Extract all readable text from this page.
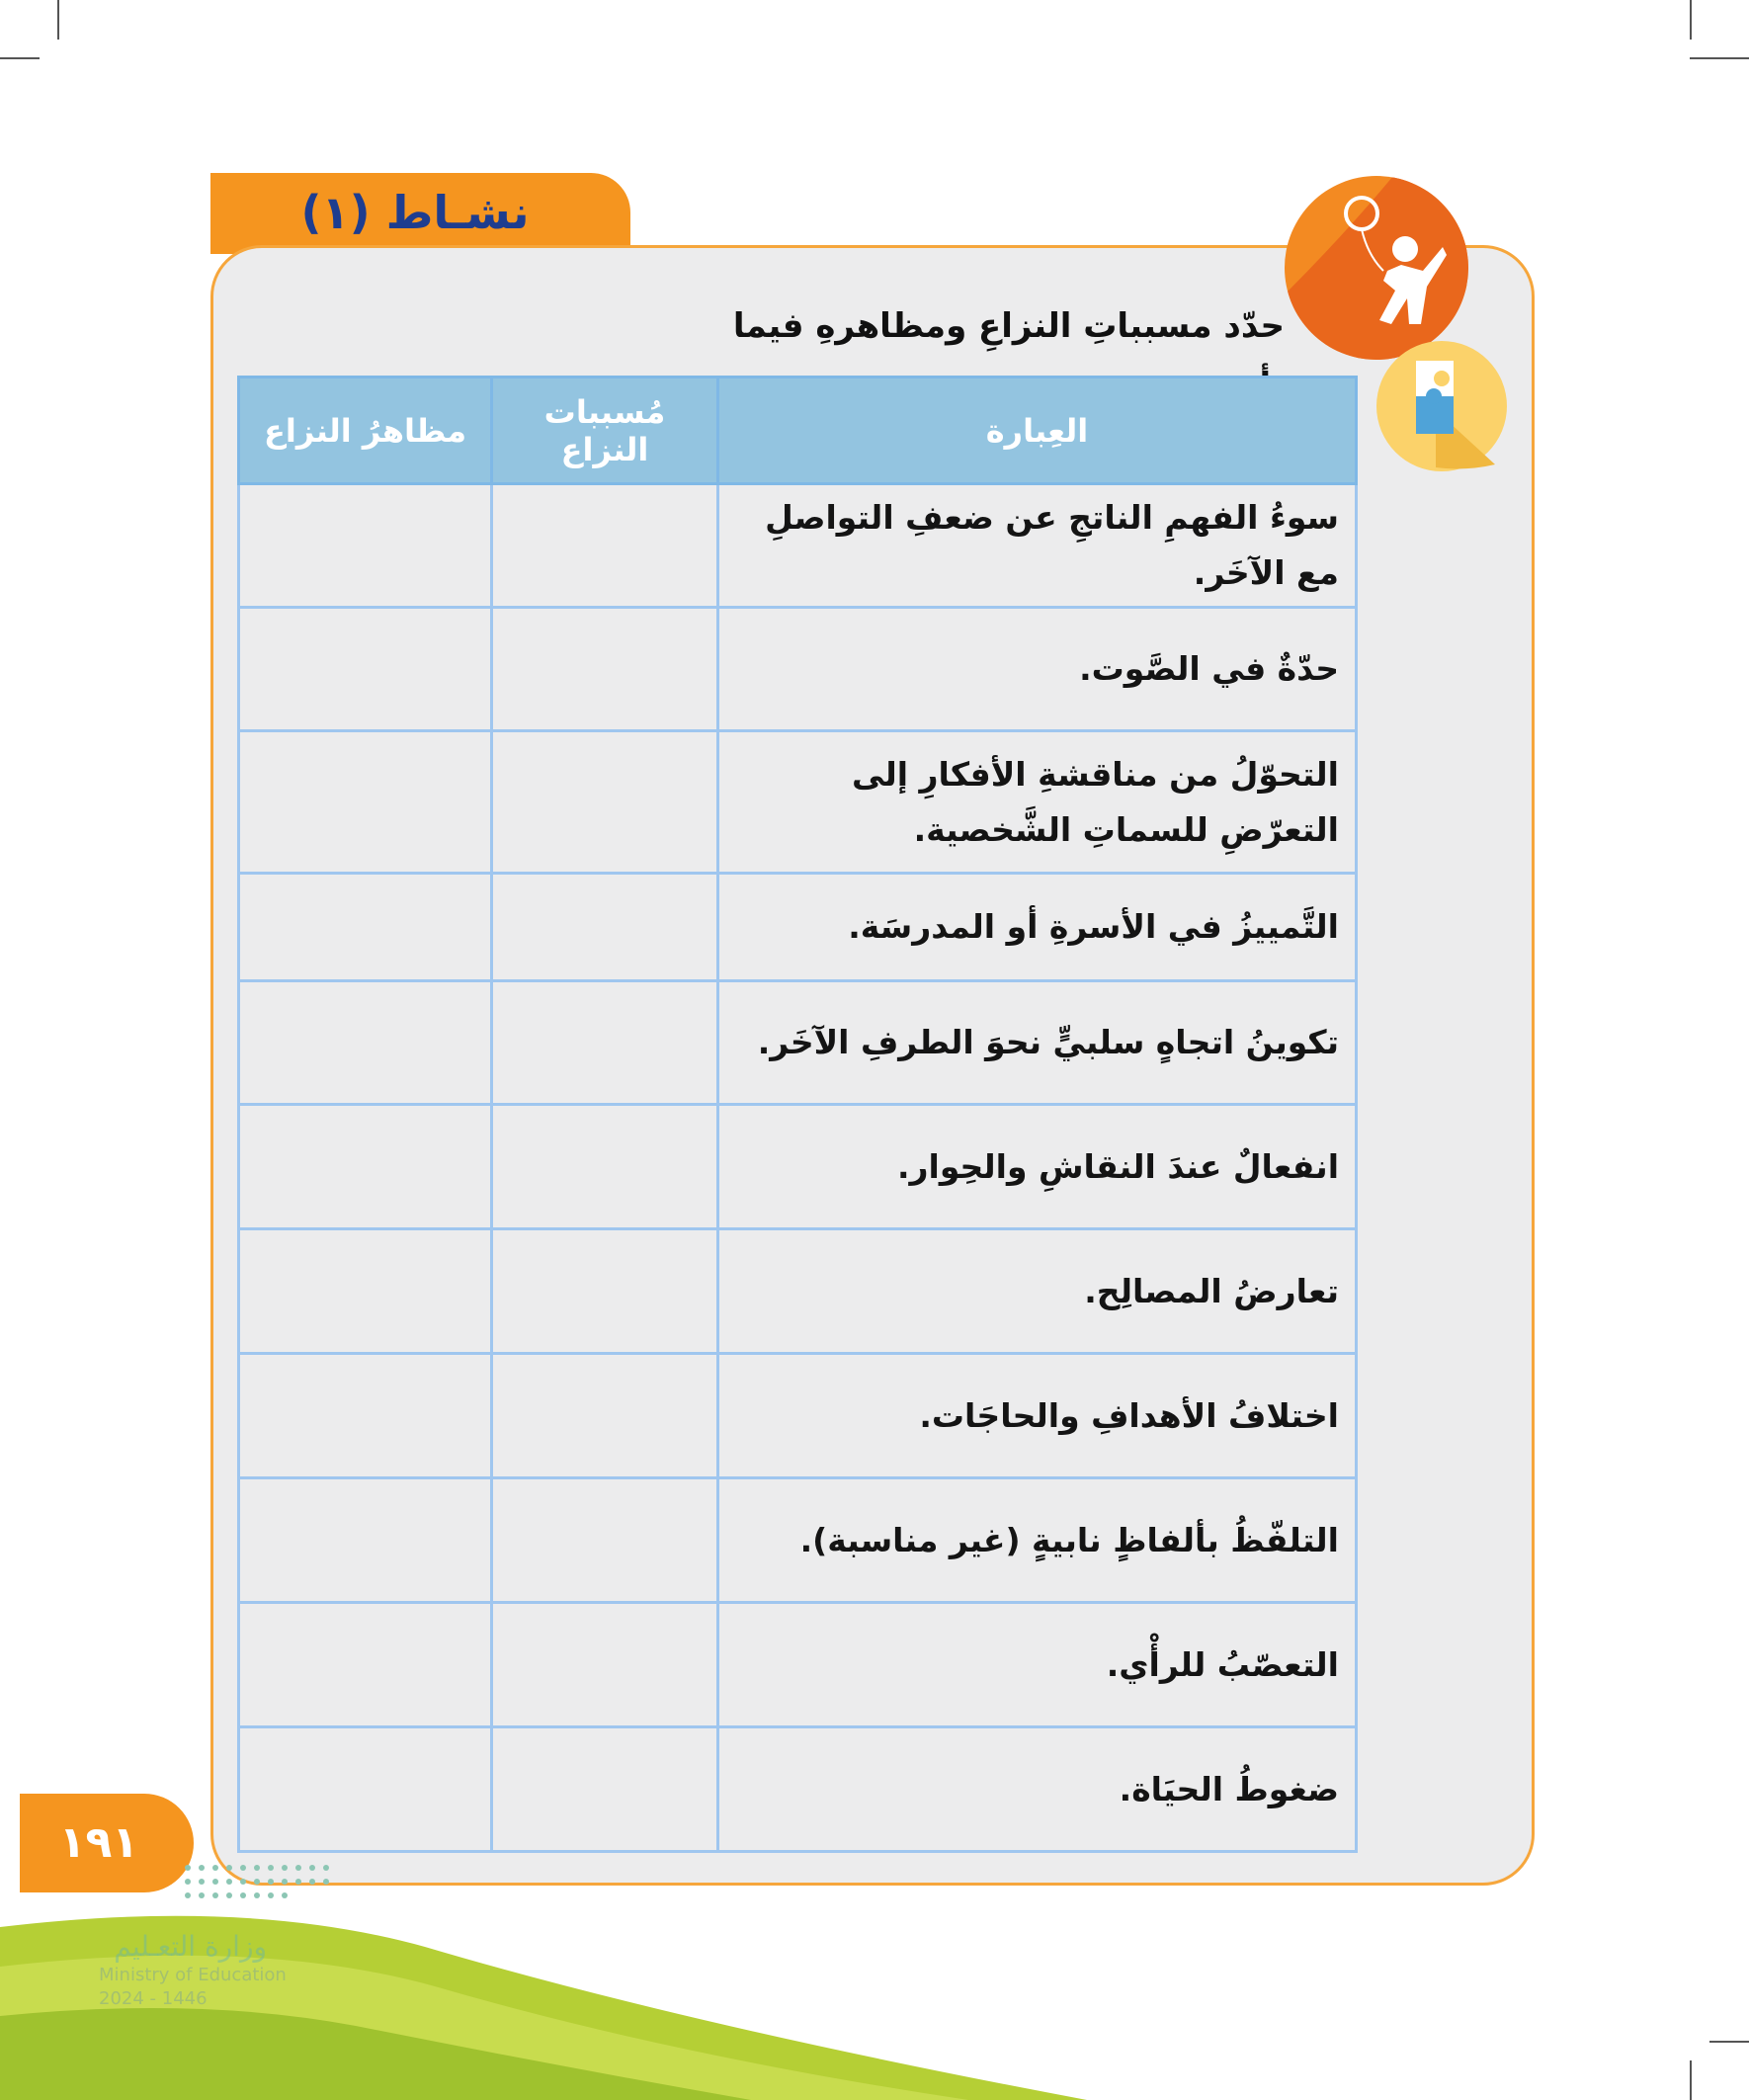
نشـاط (١)
حدّد مسبباتِ النزاعِ ومظاهرهِ فيما
العِبارة	مُسببات النزاع	مظاهرُ النزاع
سوءُ الفهمِ الناتجِ عن ضعفِ التواصلِ مع الآخَر.		
حدّةٌ في الصَّوت.		
التحوّلُ من مناقشةِ الأفكارِ إلى التعرّضِ للسماتِ الشَّخصية.		
التَّمييزُ في الأسرةِ أو المدرسَة.		
تكوينُ اتجاهٍ سلبيٍّ نحوَ الطرفِ الآخَر.		
انفعالٌ عندَ النقاشِ والحِوار.		
تعارضُ المصالِح.		
اختلافُ الأهدافِ والحاجَات.		
التلفّظُ بألفاظٍ نابيةٍ (غير مناسبة).		
التعصّبُ للرأْي.		
ضغوطُ الحيَاة.		
١٩١
وزارة التعـليم
Ministry of Education
2024 - 1446
